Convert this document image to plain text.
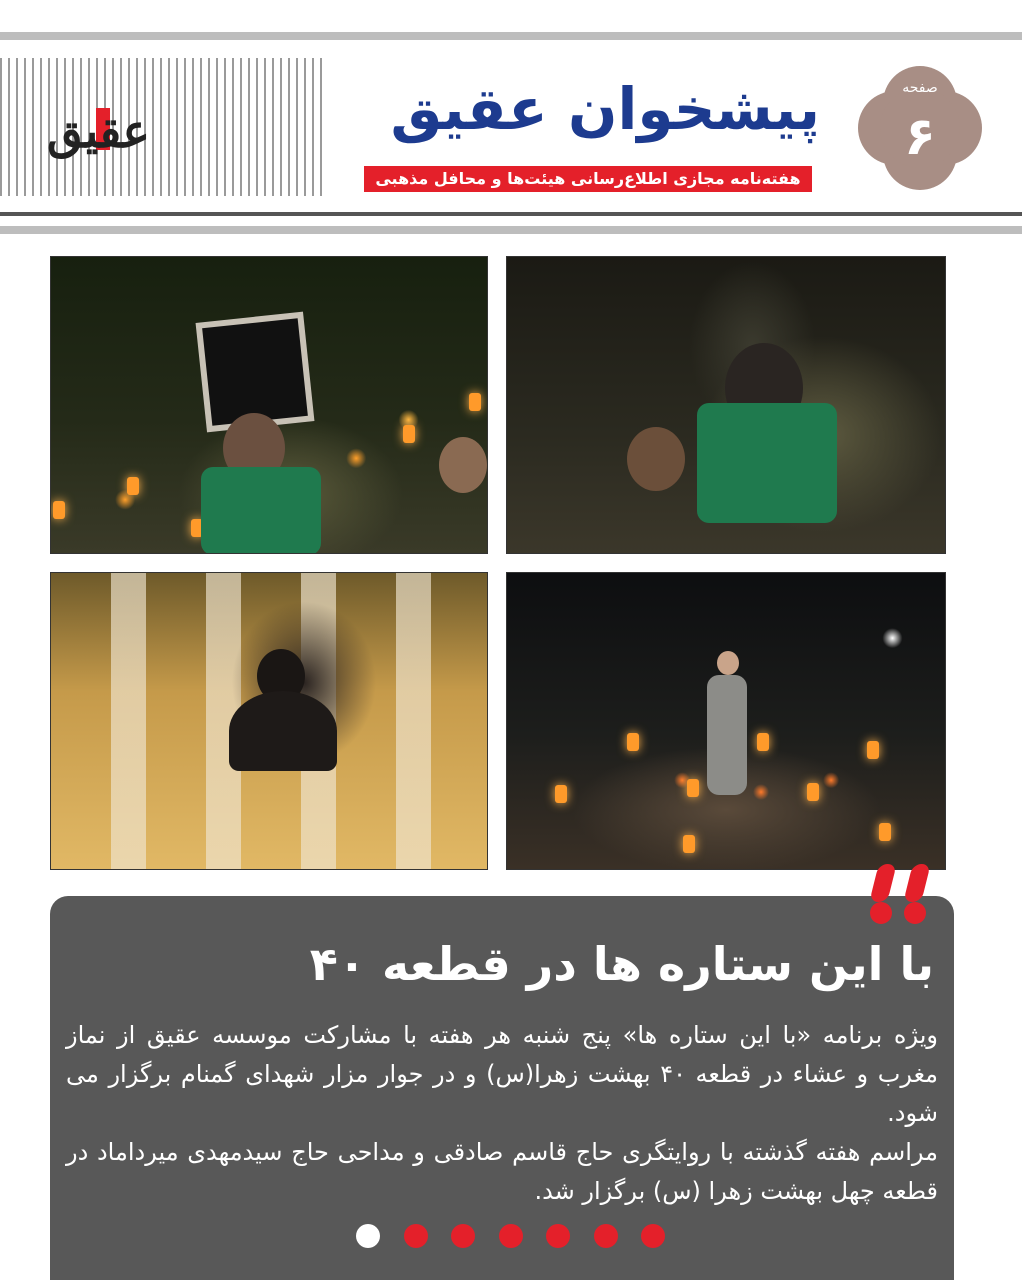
عقیق	پیشخوان عقیق
هفته‌نامه مجازی اطلاع‌رسانی هیئت‌ها و محافل مذهبی
صفحه
۶
با این ستاره ها در قطعه ۴۰

ویژه برنامه «با این ستاره ها» پنج شنبه هر هفته با مشارکت موسسه عقیق از نماز مغرب و عشاء در قطعه ۴۰ بهشت زهرا(س) و در جوار مزار شهدای گمنام برگزار می شود.

مراسم هفته گذشته با روایتگری حاج قاسم صادقی و مداحی حاج سیدمهدی میرداماد در قطعه چهل بهشت زهرا (س) برگزار شد.
